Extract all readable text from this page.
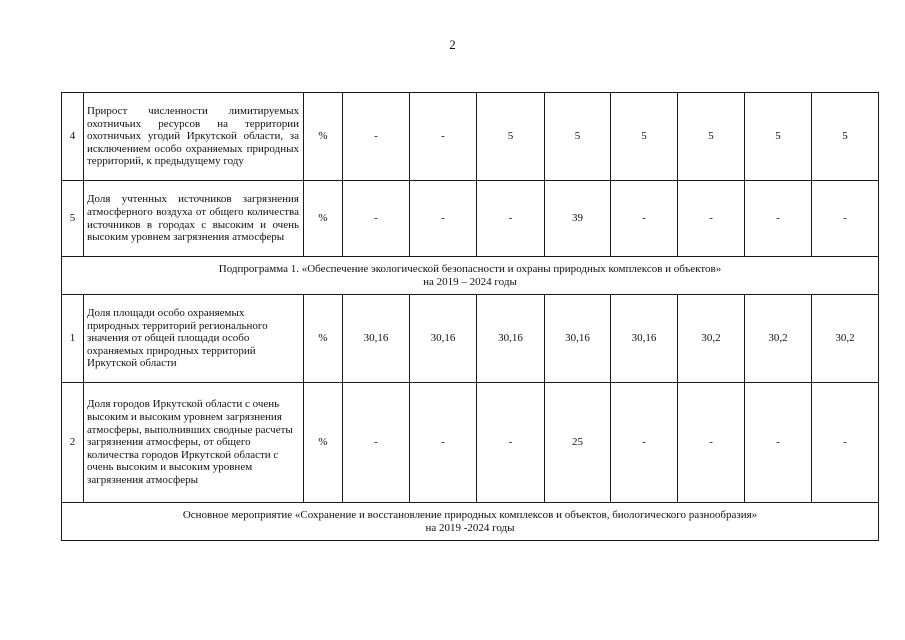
2
4	Прирост численности лимитируемых охотничьих ресурсов на территории охотничьих угодий Иркутской области, за исключением особо охраняемых природных территорий, к предыдущему году	%	-	-	5	5	5	5	5	5
5	Доля учтенных источников загрязнения атмосферного воздуха от общего количества источников в городах с высоким и очень высоким уровнем загрязнения атмосферы	%	-	-	-	39	-	-	-	-

Подпрограмма 1. «Обеспечение экологической безопасности и охраны природных комплексов и объектов»
на 2019 – 2024 годы										

1	Доля площади особо охраняемых природных территорий регионального значения от общей площади особо охраняемых природных территорий Иркутской области	%	30,16	30,16	30,16	30,16	30,16	30,2	30,2	30,2
2	Доля городов Иркутской области с очень высоким и высоким уровнем загрязнения атмосферы, выполнивших сводные расчеты загрязнения атмосферы, от общего количества городов Иркутской области с очень высоким и высоким уровнем загрязнения атмосферы	%	-	-	-	25	-	-	-	-

Основное мероприятие «Сохранение и восстановление природных комплексов и объектов, биологического разнообразия»
на 2019 -2024 годы										
